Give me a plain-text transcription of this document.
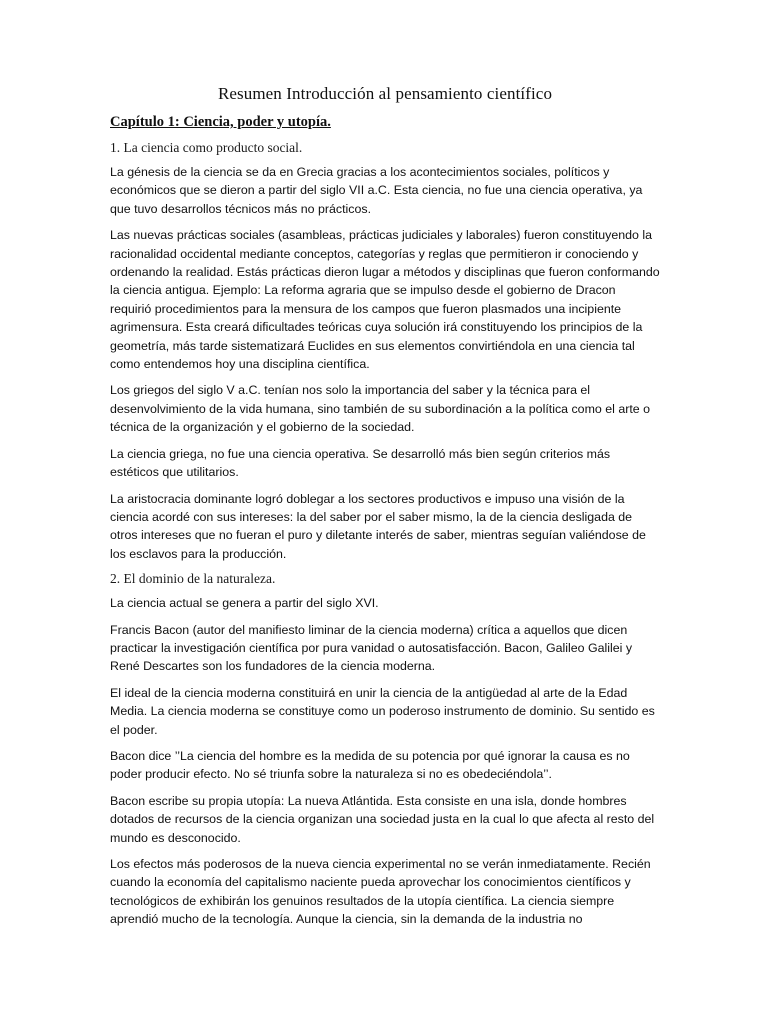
Resumen Introducción al pensamiento científico
Capítulo 1: Ciencia, poder y utopía.
1. La ciencia como producto social.

La génesis de la ciencia se da en Grecia gracias a los acontecimientos sociales, políticos y económicos que se dieron a partir del siglo VII a.C. Esta ciencia, no fue una ciencia operativa, ya que tuvo desarrollos técnicos más no prácticos.

Las nuevas prácticas sociales (asambleas, prácticas judiciales y laborales) fueron constituyendo la racionalidad occidental mediante conceptos, categorías y reglas que permitieron ir conociendo y ordenando la realidad. Estás prácticas dieron lugar a métodos y disciplinas que fueron conformando la ciencia antigua. Ejemplo: La reforma agraria que se impulso desde el gobierno de Dracon requirió procedimientos para la mensura de los campos que fueron plasmados una incipiente agrimensura. Esta creará dificultades teóricas cuya solución irá constituyendo los principios de la geometría, más tarde sistematizará Euclides en sus elementos convirtiéndola en una ciencia tal como entendemos hoy una disciplina científica.

Los griegos del siglo V a.C. tenían nos solo la importancia del saber y la técnica para el desenvolvimiento de la vida humana, sino también de su subordinación a la política como el arte o técnica de la organización y el gobierno de la sociedad.

La ciencia griega, no fue una ciencia operativa. Se desarrolló más bien según criterios más estéticos que utilitarios.

La aristocracia dominante logró doblegar a los sectores productivos e impuso una visión de la ciencia acordé con sus intereses: la del saber por el saber mismo, la de la ciencia desligada de otros intereses que no fueran el puro y diletante interés de saber, mientras seguían valiéndose de los esclavos para la producción.

2. El dominio de la naturaleza.

La ciencia actual se genera a partir del siglo XVI.

Francis Bacon (autor del manifiesto liminar de la ciencia moderna) crítica a aquellos que dicen practicar la investigación científica por pura vanidad o autosatisfacción. Bacon, Galileo Galilei y René Descartes son los fundadores de la ciencia moderna.

El ideal de la ciencia moderna constituirá en unir la ciencia de la antigüedad al arte de la Edad Media. La ciencia moderna se constituye como un poderoso instrumento de dominio. Su sentido es el poder.

Bacon dice ’’La ciencia del hombre es la medida de su potencia por qué ignorar la causa es no poder producir efecto. No sé triunfa sobre la naturaleza si no es obedeciéndola’’.

Bacon escribe su propia utopía: La nueva Atlántida. Esta consiste en una isla, donde hombres dotados de recursos de la ciencia organizan una sociedad justa en la cual lo que afecta al resto del mundo es desconocido.

Los efectos más poderosos de la nueva ciencia experimental no se verán inmediatamente. Recién cuando la economía del capitalismo naciente pueda aprovechar los conocimientos científicos y tecnológicos de exhibirán los genuinos resultados de la utopía científica. La ciencia siempre aprendió mucho de la tecnología. Aunque la ciencia, sin la demanda de la industria no
